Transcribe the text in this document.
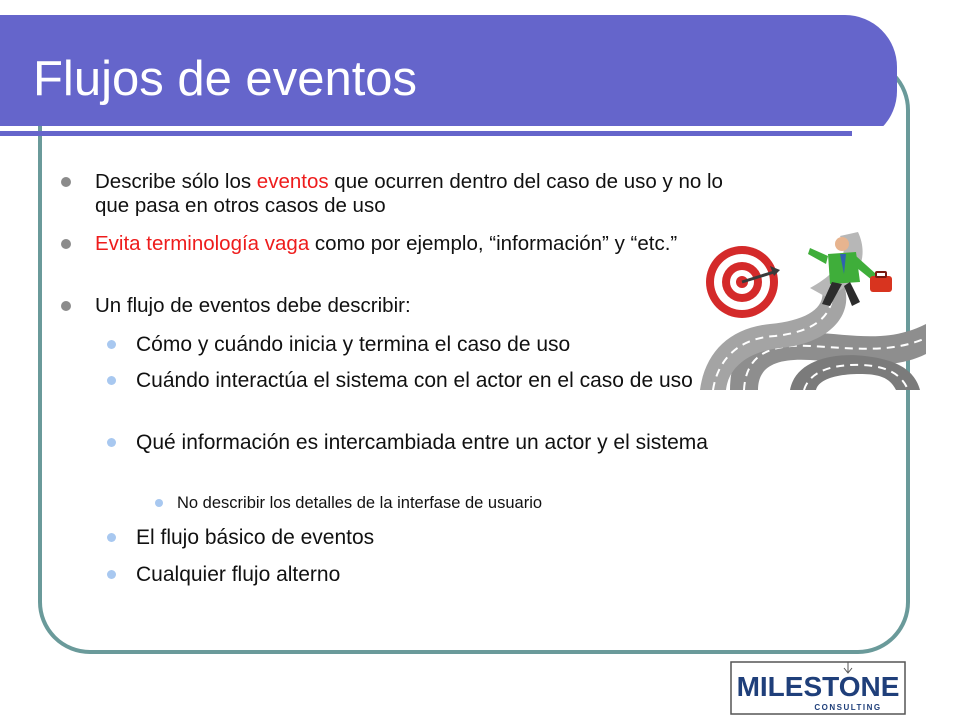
Flujos de eventos

Describe sólo los eventos que ocurren dentro del caso de uso y no lo que pasa en otros casos de uso

Evita terminología vaga como por ejemplo, “información” y “etc.”

Un flujo de eventos debe describir:

Cómo y cuándo inicia y termina el caso de uso

Cuándo interactúa el sistema con el actor en el caso de uso

Qué información es intercambiada entre un actor y el sistema

No describir los detalles de la interfase de usuario

El flujo básico de eventos

Cualquier flujo alterno

MILESTONE
CONSULTING
